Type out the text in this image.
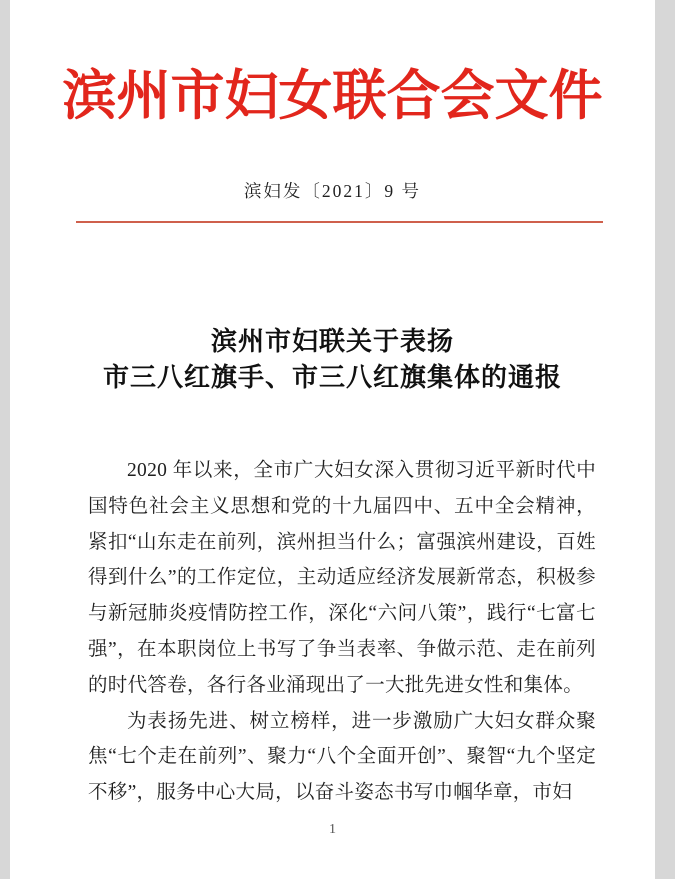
滨州市妇女联合会文件
滨妇发〔2021〕9 号
滨州市妇联关于表扬
市三八红旗手、市三八红旗集体的通报

2020 年以来，全市广大妇女深入贯彻习近平新时代中国特色社会主义思想和党的十九届四中、五中全会精神，紧扣“山东走在前列，滨州担当什么；富强滨州建设，百姓得到什么”的工作定位，主动适应经济发展新常态，积极参与新冠肺炎疫情防控工作，深化“六问八策”，践行“七富七强”，在本职岗位上书写了争当表率、争做示范、走在前列的时代答卷，各行各业涌现出了一大批先进女性和集体。

为表扬先进、树立榜样，进一步激励广大妇女群众聚焦“七个走在前列”、聚力“八个全面开创”、聚智“九个坚定不移”，服务中心大局，以奋斗姿态书写巾帼华章，市妇

1
